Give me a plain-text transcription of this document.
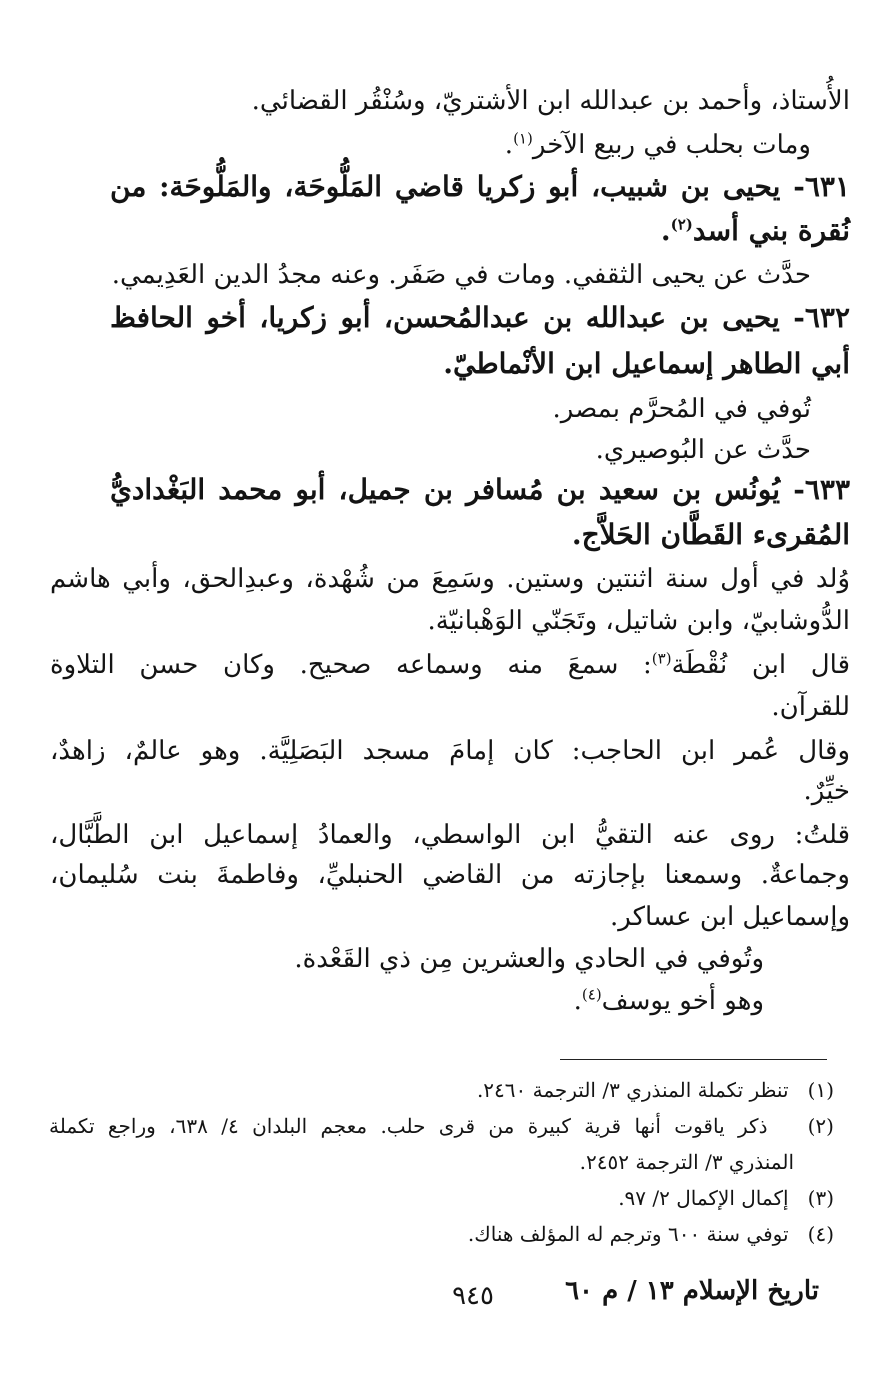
الأُستاذ، وأحمد بن عبدالله ابن الأشتريّ، وسُنْقُر القضائي.
ومات بحلب في ربيع الآخر$^{(١)}$.
٦٣١- يحيى بن شبيب، أبو زكريا قاضي المَلُّوحَة، والمَلُّوحَة: من
نُقرة بني أسد$^{(٢)}$.
حدَّث عن يحيى الثقفي. ومات في صَفَر. وعنه مجدُ الدين العَدِيمي.
٦٣٢- يحيى بن عبدالله بن عبدالمُحسن، أبو زكريا، أخو الحافظ
أبي الطاهر إسماعيل ابن الأنْماطيّ.
تُوفي في المُحرَّم بمصر.
حدَّث عن البُوصيري.
٦٣٣- يُونُس بن سعيد بن مُسافر بن جميل، أبو محمد البَغْداديُّ
المُقرىء القَطَّان الحَلاَّج.
وُلد في أول سنة اثنتين وستين. وسَمِعَ من شُهْدة، وعبدِالحق، وأبي هاشم
الدُّوشابيّ، وابن شاتيل، وتَجَنّي الوَهْبانيّة.
قال ابن نُقْطَة$^{(٣)}$: سمعَ منه وسماعه صحيح. وكان حسن التلاوة
للقرآن.
وقال عُمر ابن الحاجب: كان إمامَ مسجد البَصَلِيَّة. وهو عالمٌ، زاهدٌ،
خيِّرٌ.
قلتُ: روى عنه التقيُّ ابن الواسطي، والعمادُ إسماعيل ابن الطَّبَّال،
وجماعةٌ. وسمعنا بإجازته من القاضي الحنبليِّ، وفاطمةَ بنت سُليمان،
وإسماعيل ابن عساكر.
وتُوفي في الحادي والعشرين مِن ذي القَعْدة.
وهو أخو يوسف$^{(٤)}$.
(١)   تنظر تكملة المنذري ٣/ الترجمة ٢٤٦٠.
(٢)   ذكر ياقوت أنها قرية كبيرة من قرى حلب. معجم البلدان ٤/ ٦٣٨، وراجع تكملة
المنذري ٣/ الترجمة ٢٤٥٢.
(٣)   إكمال الإكمال ٢/ ٩٧.
(٤)   توفي سنة ٦٠٠ وترجم له المؤلف هناك.
تاريخ الإسلام ١٣ / م ٦٠
٩٤٥
